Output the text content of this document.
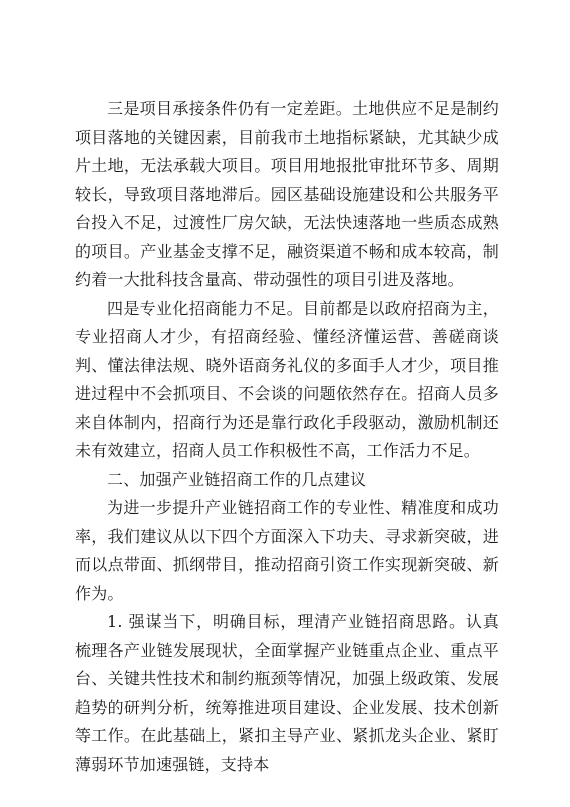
三是项目承接条件仍有一定差距。土地供应不足是制约项目落地的关键因素，目前我市土地指标紧缺，尤其缺少成片土地，无法承载大项目。项目用地报批审批环节多、周期较长，导致项目落地滞后。园区基础设施建设和公共服务平台投入不足，过渡性厂房欠缺，无法快速落地一些质态成熟的项目。产业基金支撑不足，融资渠道不畅和成本较高，制约着一大批科技含量高、带动强性的项目引进及落地。

四是专业化招商能力不足。目前都是以政府招商为主，专业招商人才少，有招商经验、懂经济懂运营、善磋商谈判、懂法律法规、晓外语商务礼仪的多面手人才少，项目推进过程中不会抓项目、不会谈的问题依然存在。招商人员多来自体制内，招商行为还是靠行政化手段驱动，激励机制还未有效建立，招商人员工作积极性不高，工作活力不足。

二、加强产业链招商工作的几点建议

为进一步提升产业链招商工作的专业性、精准度和成功率，我们建议从以下四个方面深入下功夫、寻求新突破，进而以点带面、抓纲带目，推动招商引资工作实现新突破、新作为。

1. 强谋当下，明确目标，理清产业链招商思路。认真梳理各产业链发展现状，全面掌握产业链重点企业、重点平台、关键共性技术和制约瓶颈等情况，加强上级政策、发展趋势的研判分析，统筹推进项目建设、企业发展、技术创新等工作。在此基础上，紧扣主导产业、紧抓龙头企业、紧盯薄弱环节加速强链，支持本
